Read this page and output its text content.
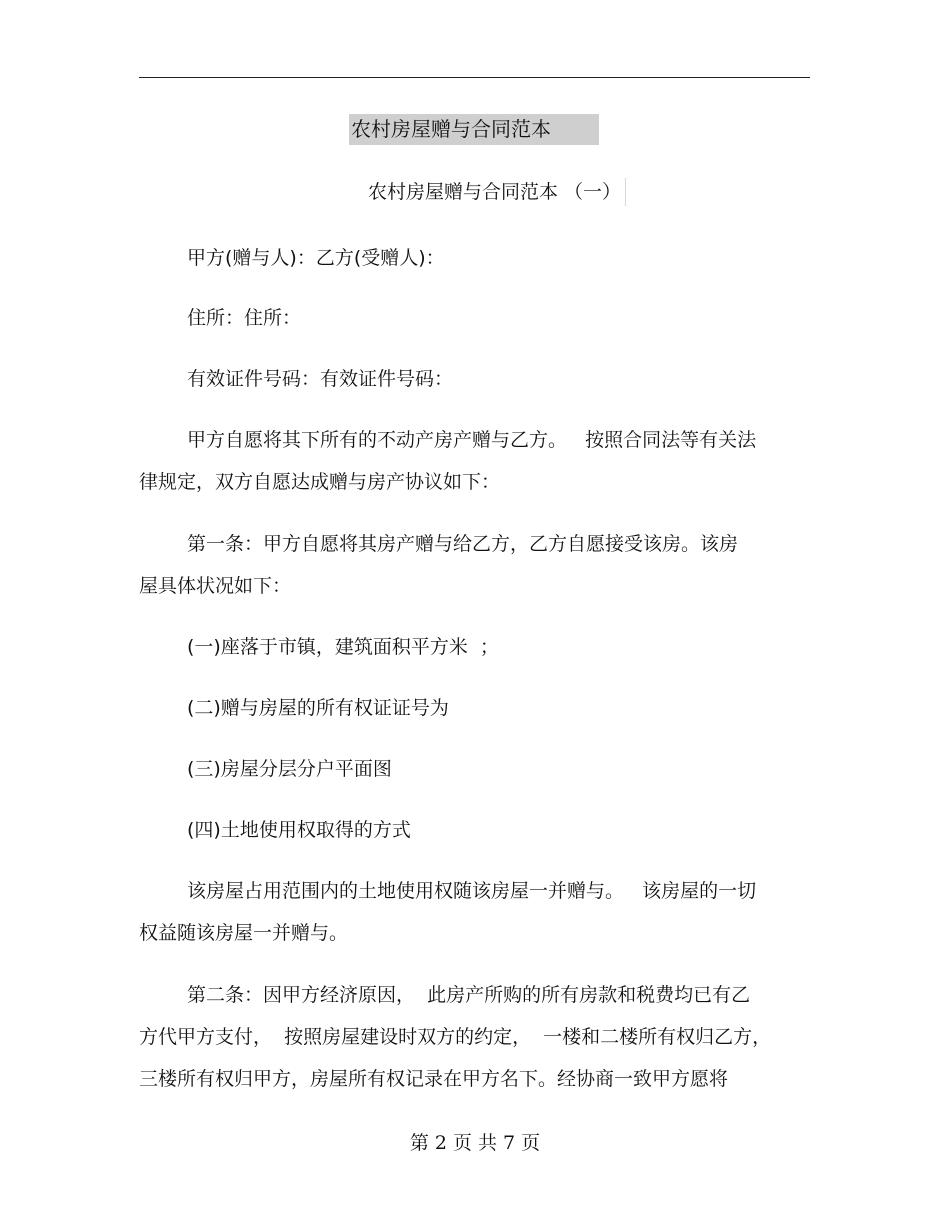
农村房屋赠与合同范本
农村房屋赠与合同范本 （一）
甲方(赠与人)：乙方(受赠人)：
住所：住所：
有效证件号码：有效证件号码：
甲方自愿将其下所有的不动产房产赠与乙方。   按照合同法等有关法
律规定，双方自愿达成赠与房产协议如下：
第一条：甲方自愿将其房产赠与给乙方，乙方自愿接受该房。该房
屋具体状况如下：
(一)座落于市镇，建筑面积平方米  ；
(二)赠与房屋的所有权证证号为
(三)房屋分层分户平面图
(四)土地使用权取得的方式
该房屋占用范围内的土地使用权随该房屋一并赠与。   该房屋的一切
权益随该房屋一并赠与。
第二条：因甲方经济原因，  此房产所购的所有房款和税费均已有乙
方代甲方支付，  按照房屋建设时双方的约定，  一楼和二楼所有权归乙方，
三楼所有权归甲方，房屋所有权记录在甲方名下。经协商一致甲方愿将
第 2 页 共 7 页
